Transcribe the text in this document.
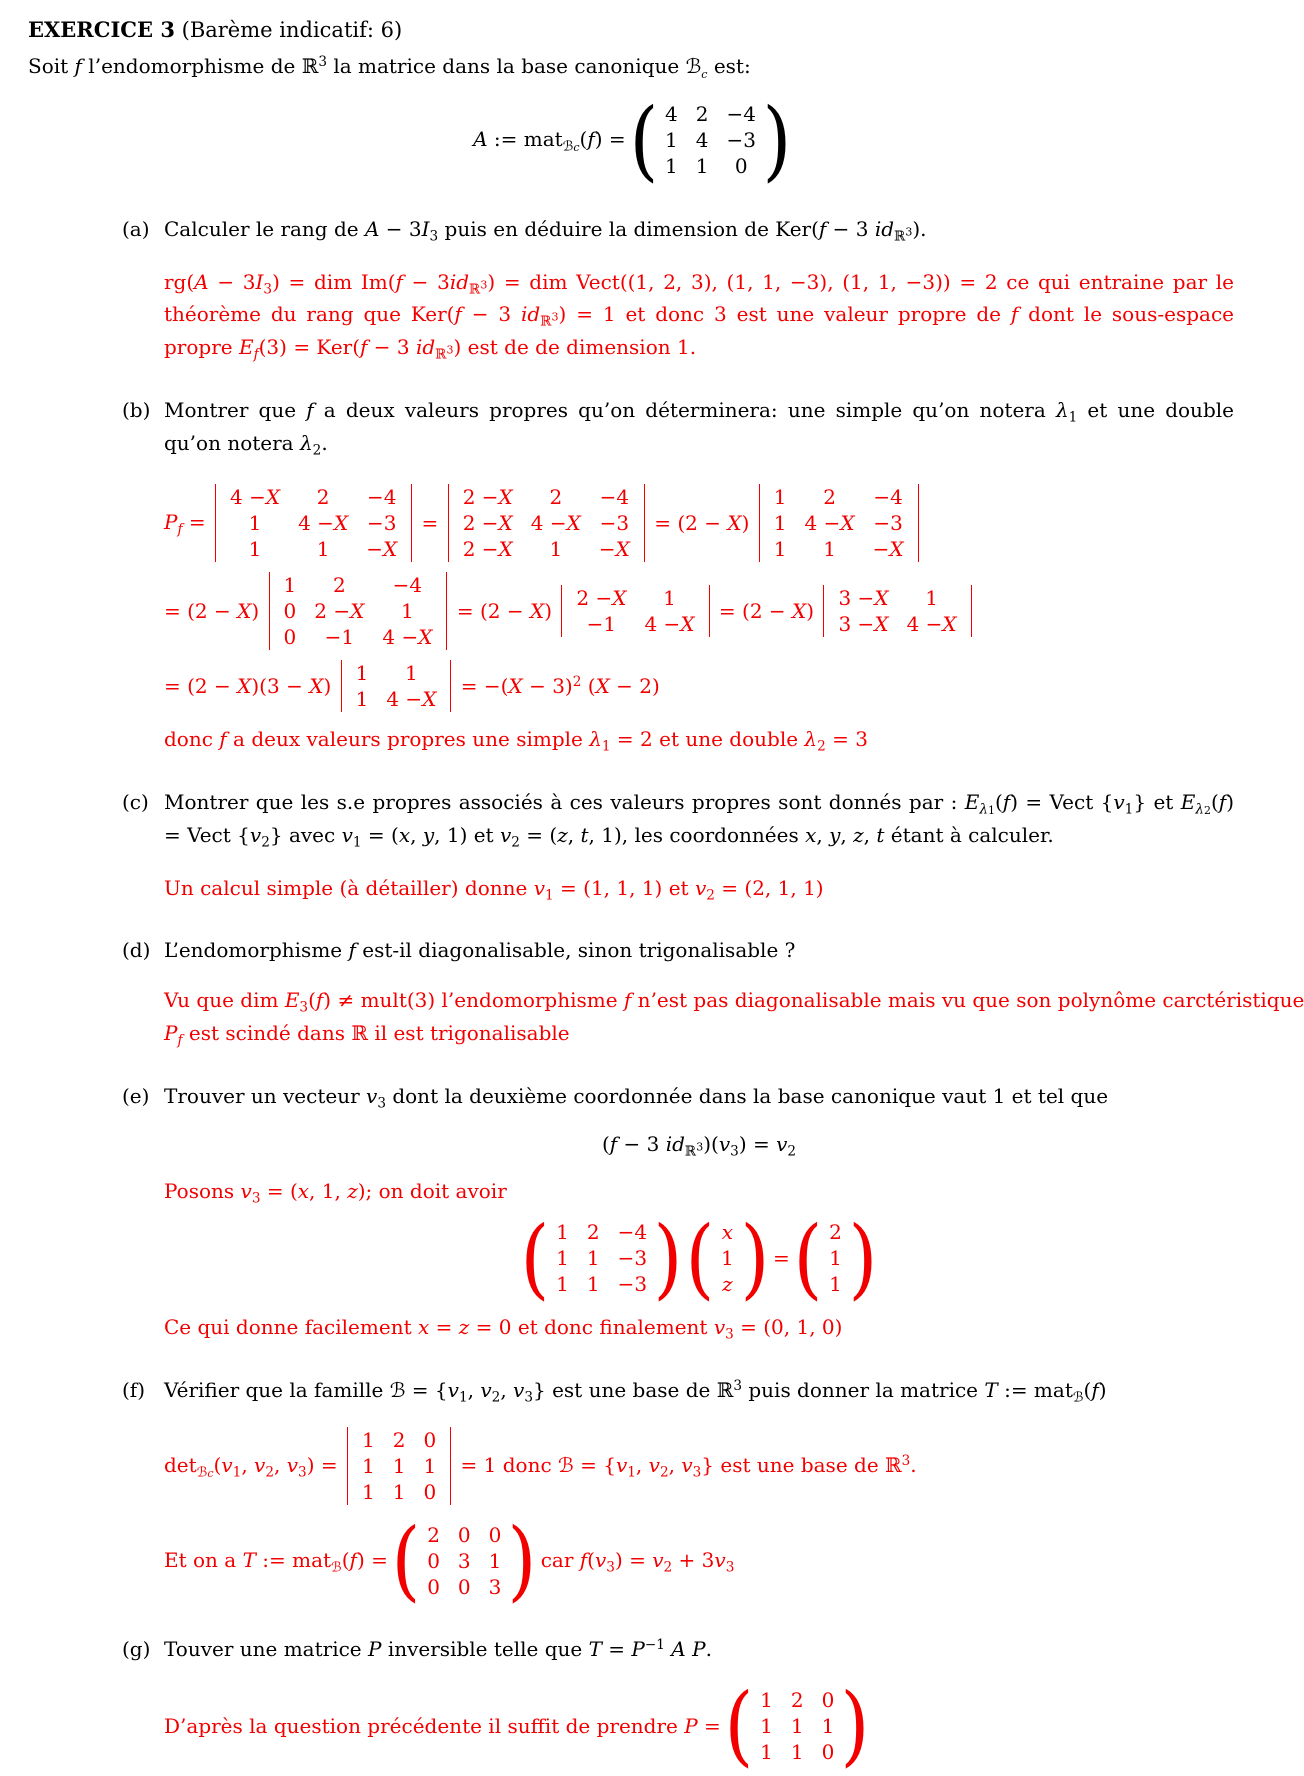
EXERCICE 3 (Barème indicatif: 6)
Soit f l’endomorphisme de ℝ$^3$ la matrice dans la base canonique ℬ$_c$ est:
A := mat$_{ℬc}$(f) =
( 4 2 −4
1 4 −3
1 1 0 )
(a) Calculer le rang de $A - 3I_3$ puis en déduire la dimension de Ker(f − 3 $id_ℝ3$).

$rg(A - 3I_3)$ = dim $Im(f - 3id_ℝ3)$ = dim Vect((1, 2, 3), (1, 1, −3), (1, 1, −3)) = 2 ce qui entraine par le théorème du rang que Ker(f − 3 $id_ℝ3) = 1$ et donc 3 est une valeur propre de f dont le sous-espace propre $E_f(3) = Ker(f - 3$ $id_ℝ3$) est de de dimension 1.

(b) Montrer que f a deux valeurs propres qu’on déterminera: une simple qu’on notera $\lambda_1$ et une double qu’on notera $\lambda_2$.

$P_f$ =
4 − X 2 −4
1 4 − X −3
1	1 − X
=
2 − X 2 −4
2 − X 4 − X −3
2 − X 1 − X
= (2 − X)
1 2 −4
1 4 − X −3
1 1 − X
= (2 − X)
1 2 −4
0 2 − X 1
0 −1 4 − X
= (2 − X)
2 − X 1
−1 4 − X
= (2 − X)
3 − X 1
3 − X 4 − X
= (2 − X)(3 − X)
1 1
1 4 − X
= $-(X - 3)^2$ (X − 2)

donc f a deux valeurs propres une simple $\lambda_1 = 2$ et une double $\lambda_2 = 3$

(c) Montrer que les s.e propres associés à ces valeurs propres sont donnés par : $E_{\lambda 1}(f)$ = Vect $\{v_1\}$ et $E_{\lambda 2}(f)$ = Vect $\{v_2\}$ avec $v_1 = (x$, y, 1) et $v_2 = (z$, t, 1), les coordonnées x, y, z, t étant à calculer.

Un calcul simple (à détailler) donne $v_1 = (1$, 1, 1) et $v_2 = (2$, 1, 1)

(d) L’endomorphisme f est-il diagonalisable, sinon trigonalisable ?

Vu que dim $E_3(f)$ ≠ mult(3) l’endomorphisme f n’est pas diagonalisable mais vu que son polynôme carctéristique
$P_f$ est scindé dans ℝ il est trigonalisable
(e) Trouver un vecteur $v_3$ dont la deuxième coordonnée dans la base canonique vaut 1 et tel que

(f − 3 $id_ℝ3)(v_3) = v_2$

Posons $v_3 = (x$, 1, z); on doit avoir

( 1 2 −4
1 1 −3
1 1 −3 ) ( x
1
z )
=
( 2
1
1 )

Ce qui donne facilement x = z = 0 et donc finalement $v_3 = (0$, 1, 0)

(f) Vérifier que la famille ℬ = {$v_1$, $v_2$, $v_3$} est une base de ℝ$^3$ puis donner la matrice T := mat$_ℬ$(f)

$\det_{ℬc}(v_1$, $v_2$, $v_3$) =
1 2 0
1 1 1
1 1 0
= 1 donc ℬ = {$v_1$, $v_2$, $v_3$} est une base de ℝ$^3$.
Et on a T := mat$_ℬ$(f) =
( 2 0 0
0 3 1
0 0 3 )
car $f(v_3) = v_2 + 3v_3$
(g) Touver une matrice P inversible telle que $T = P^{-1}$ A P.

D’après la question précédente il suffit de prendre P =
( 1 2 0
1 1 1
1 1 0 )
